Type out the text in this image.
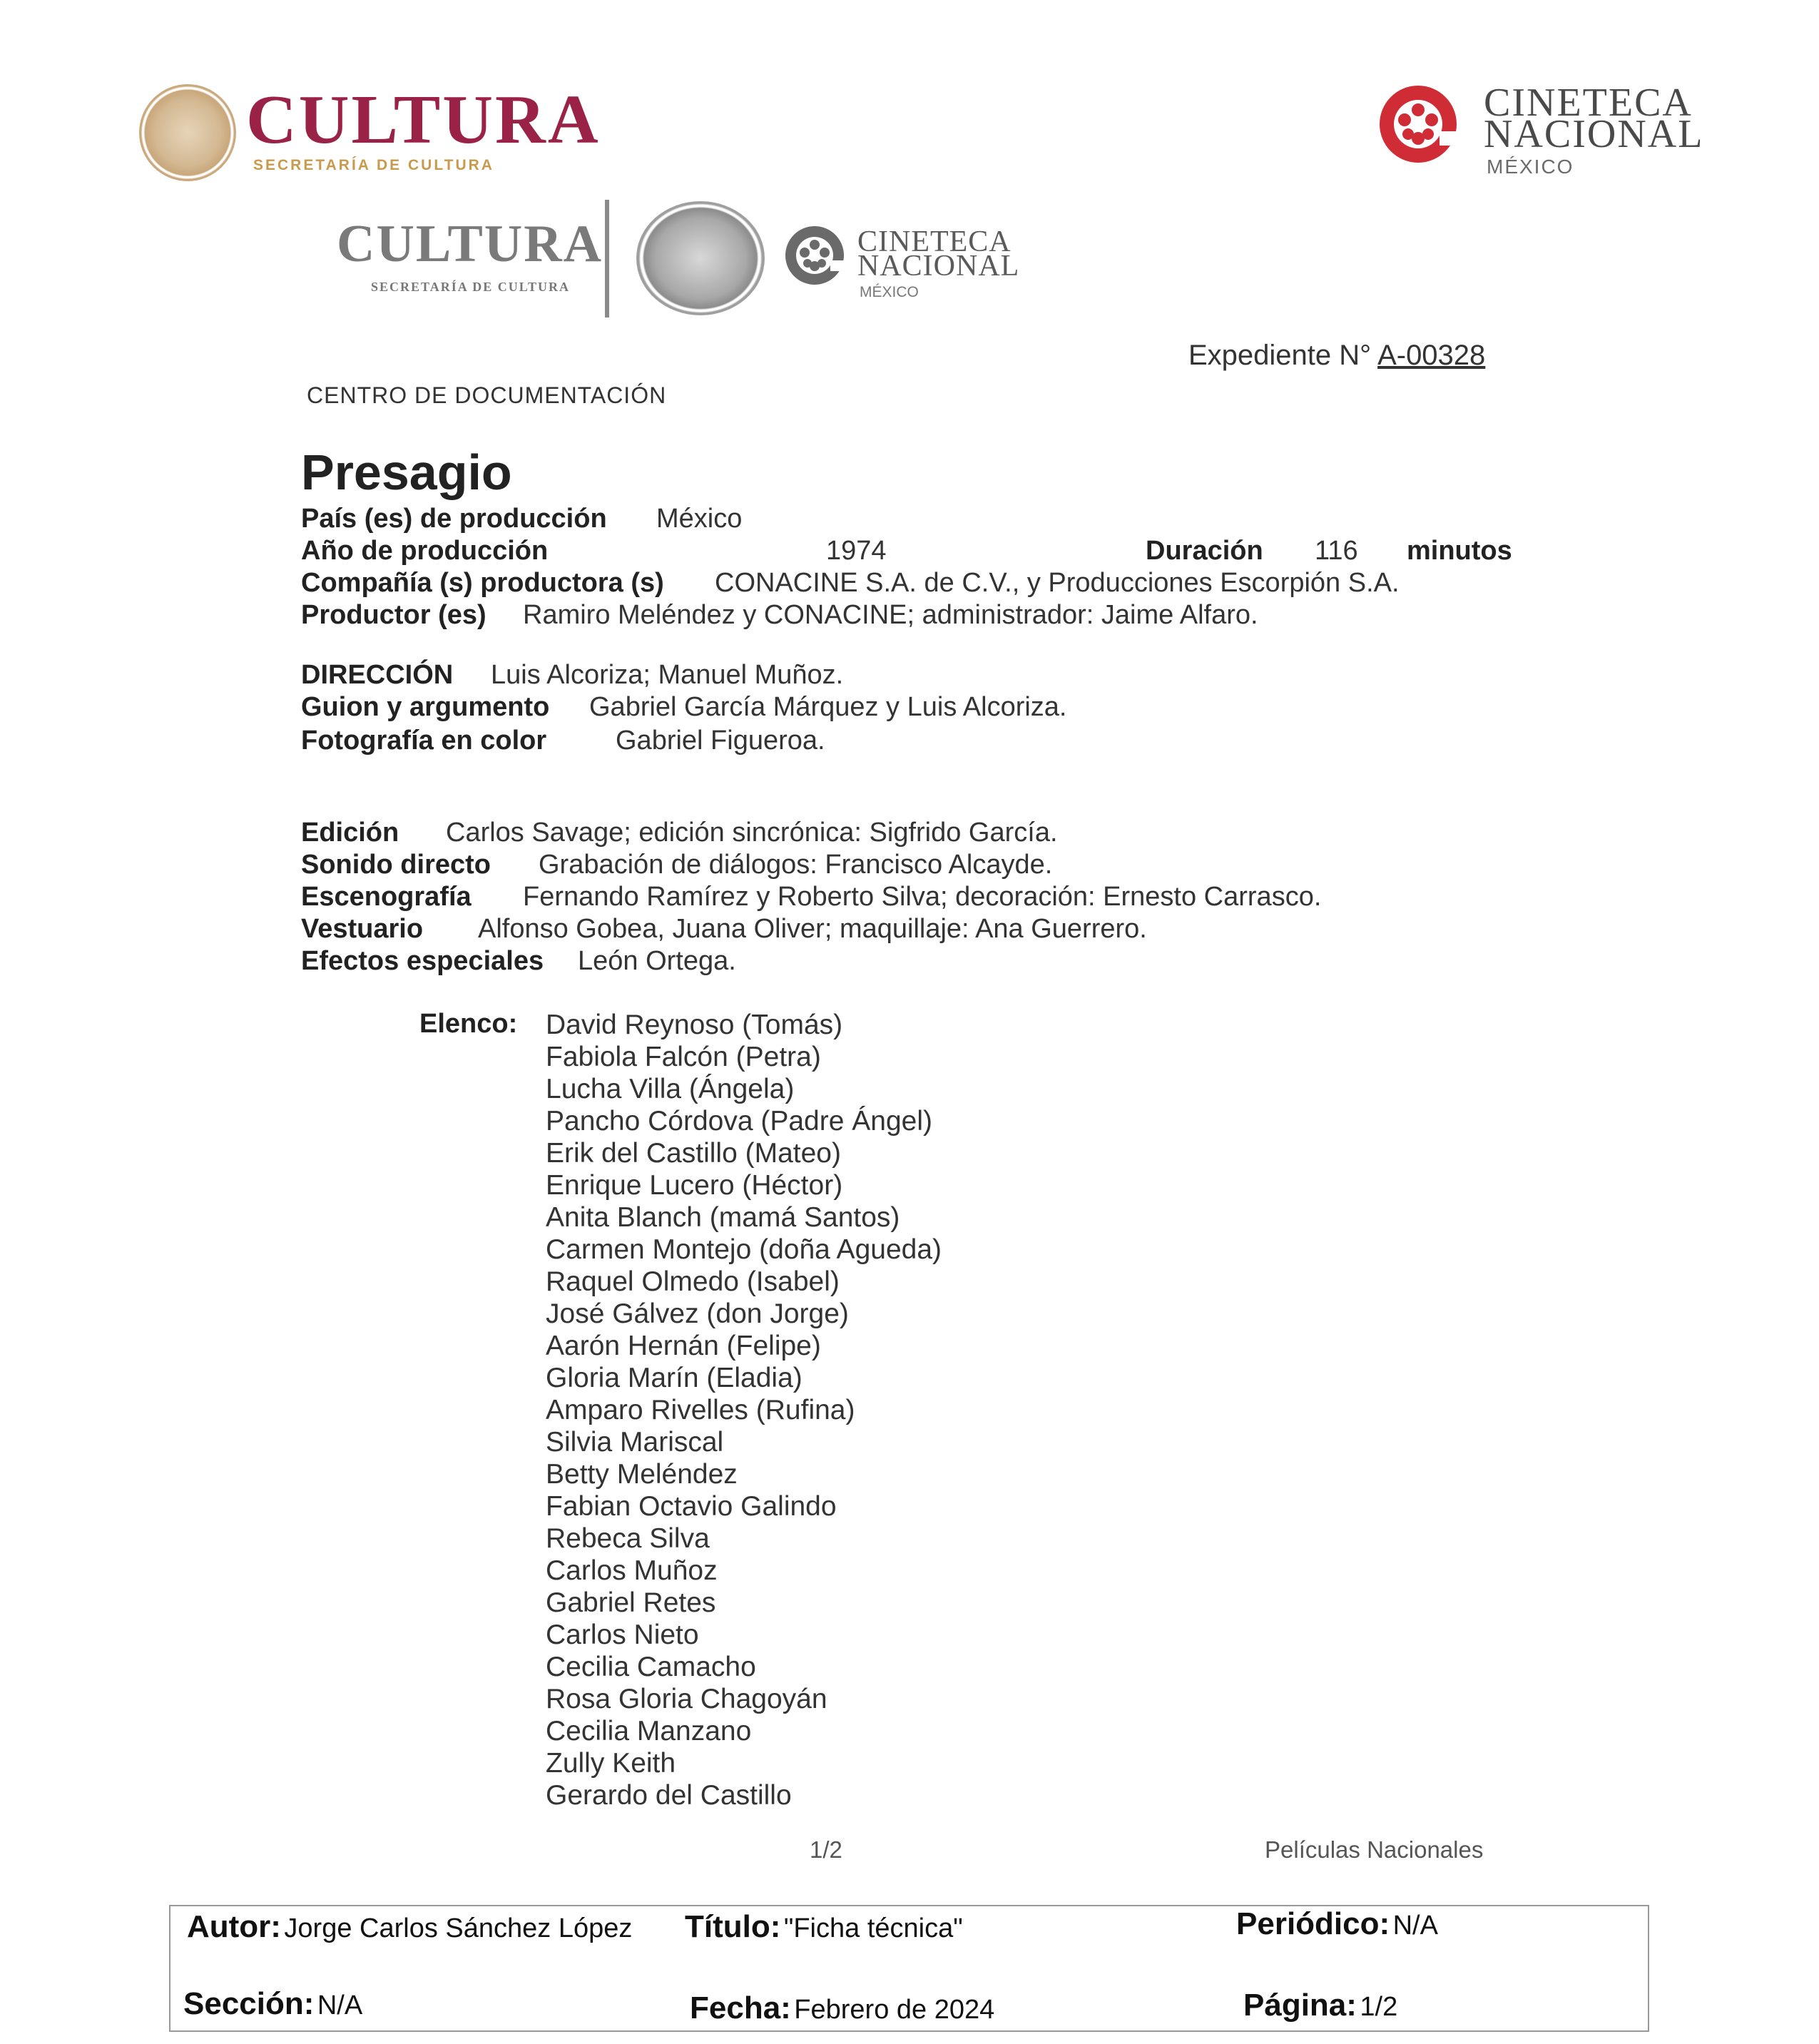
CULTURA
SECRETARÍA DE CULTURA
CINETECA
NACIONAL
MÉXICO
CULTURA
SECRETARÍA DE CULTURA
CINETECA
NACIONAL
MÉXICO
Expediente N° A-00328
CENTRO DE DOCUMENTACIÓN
Presagio
País (es) de producción México
Año de producción	1974	Duración 116 minutos
Compañía (s) productora (s) CONACINE S.A. de C.V., y Producciones Escorpión S.A.
Productor (es) Ramiro Meléndez y CONACINE; administrador: Jaime Alfaro.
DIRECCIÓN Luis Alcoriza; Manuel Muñoz.
Guion y argumento Gabriel García Márquez y Luis Alcoriza.
Fotografía en color	Gabriel Figueroa.
Edición Carlos Savage; edición sincrónica: Sigfrido García.
Sonido directo Grabación de diálogos: Francisco Alcayde.
Escenografía Fernando Ramírez y Roberto Silva; decoración: Ernesto Carrasco.
Vestuario Alfonso Gobea, Juana Oliver; maquillaje: Ana Guerrero.
Efectos especiales León Ortega.
Elenco: David Reynoso (Tomás)
Fabiola Falcón (Petra)
Lucha Villa (Ángela)
Pancho Córdova (Padre Ángel)
Erik del Castillo (Mateo)
Enrique Lucero (Héctor)
Anita Blanch (mamá Santos)
Carmen Montejo (doña Agueda)
Raquel Olmedo (Isabel)
José Gálvez (don Jorge)
Aarón Hernán (Felipe)
Gloria Marín (Eladia)
Amparo Rivelles (Rufina)
Silvia Mariscal
Betty Meléndez
Fabian Octavio Galindo
Rebeca Silva
Carlos Muñoz
Gabriel Retes
Carlos Nieto
Cecilia Camacho
Rosa Gloria Chagoyán
Cecilia Manzano
Zully Keith
Gerardo del Castillo
1/2	Películas Nacionales
Autor: Jorge Carlos Sánchez López Título: "Ficha técnica"	Periódico: N/A
Sección: N/A	Fecha: Febrero de 2024	Página: 1/2
